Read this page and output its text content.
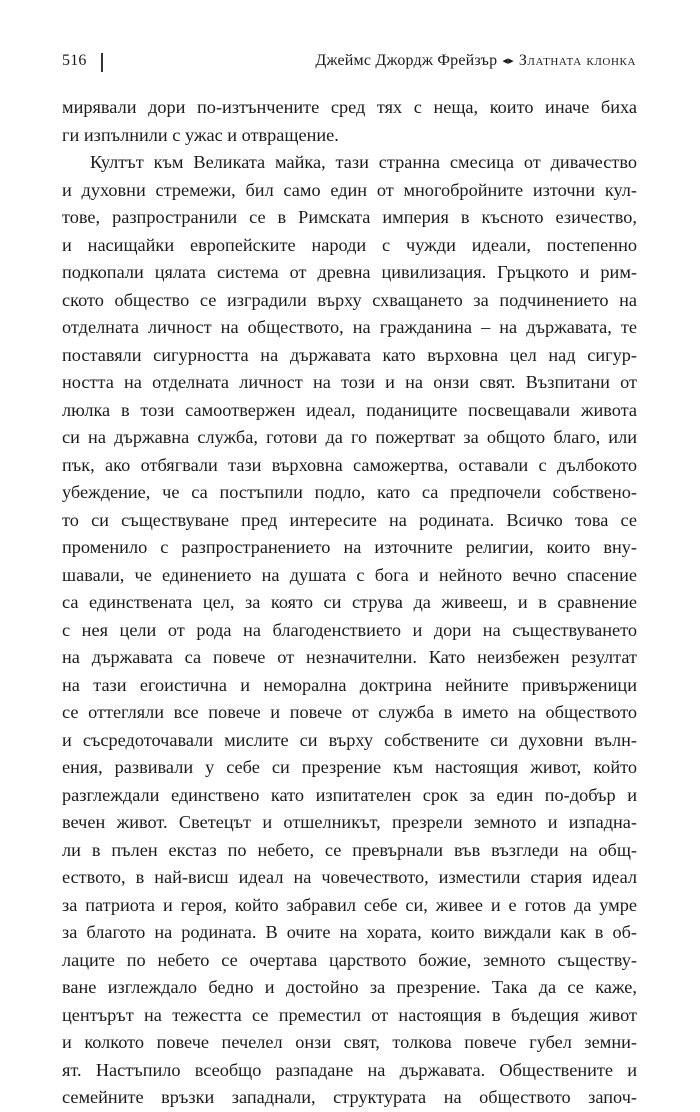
516	Джеймс Джордж Фрейзър ◂▸ Златната клонка
мирявали дори по-изтънчените сред тях с неща, които иначе биха
ги изпълнили с ужас и отвращение.
Култът към Великата майка, тази странна смесица от дивачество
и духовни стремежи, бил само един от многобройните източни кул-
тове, разпространили се в Римската империя в късното езичество,
и насищайки европейските народи с чужди идеали, постепенно
подкопали цялата система от древна цивилизация. Гръцкото и рим-
ското общество се изградили върху схващането за подчинението на
отделната личност на обществото, на гражданина – на държавата, те
поставяли сигурността на държавата като върховна цел над сигур-
ността на отделната личност на този и на онзи свят. Възпитани от
люлка в този самоотвержен идеал, поданиците посвещавали живота
си на държавна служба, готови да го пожертват за общото благо, или
пък, ако отбягвали тази върховна саможертва, оставали с дълбокото
убеждение, че са постъпили подло, като са предпочели собствено-
то си съществуване пред интересите на родината. Всичко това се
променило с разпространението на източните религии, които вну-
шавали, че единението на душата с бога и нейното вечно спасение
са единствената цел, за която си струва да живееш, и в сравнение
с нея цели от рода на благоденствието и дори на съществуването
на държавата са повече от незначителни. Като неизбежен резултат
на тази егоистична и неморална доктрина нейните привърженици
се оттегляли все повече и повече от служба в името на обществото
и съсредоточавали мислите си върху собствените си духовни вълн-
ения, развивали у себе си презрение към настоящия живот, който
разглеждали единствено като изпитателен срок за един по-добър и
вечен живот. Светецът и отшелникът, презрели земното и изпадна-
ли в пълен екстаз по небето, се превърнали във възгледи на общ-
еството, в най-висш идеал на човечеството, изместили стария идеал
за патриота и героя, който забравил себе си, живее и е готов да умре
за благото на родината. В очите на хората, които виждали как в об-
лаците по небето се очертава царството божие, земното съществу-
ване изглеждало бедно и достойно за презрение. Така да се каже,
центърът на тежестта се преместил от настоящия в бъдещия живот
и колкото повече печелел онзи свят, толкова повече губел земни-
ят. Настъпило всеобщо разпадане на държавата. Обществените и
семейните връзки западнали, структурата на обществото започ-
